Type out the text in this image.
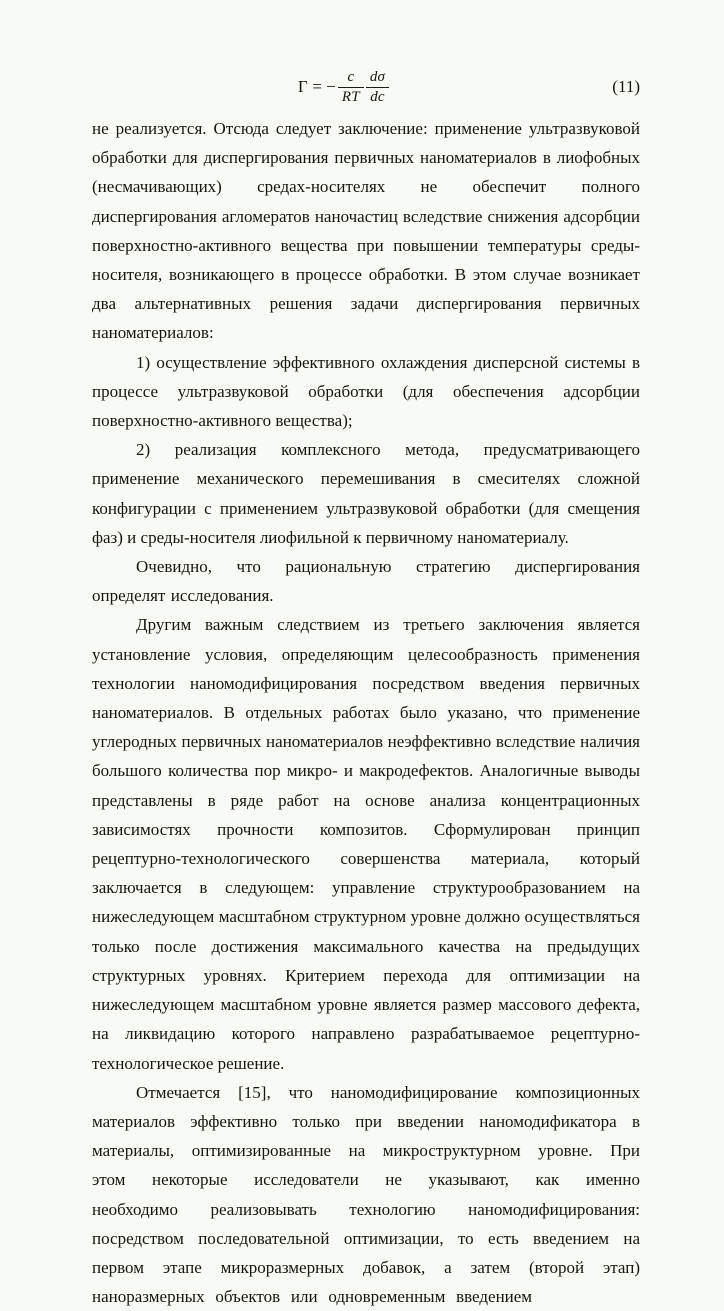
Γ = − $\frac{c}{RT} \frac{d\sigma}{dc}$	(11)

не реализуется. Отсюда следует заключение: применение ультразвуковой обработки для диспергирования первичных наноматериалов в лиофобных (несмачивающих) средах-носителях не обеспечит полного диспергирования агломератов наночастиц вследствие снижения адсорбции поверхностно-активного вещества при повышении температуры среды-носителя, возникающего в процессе обработки. В этом случае возникает два альтернативных решения задачи диспергирования первичных наноматериалов:

1) осуществление эффективного охлаждения дисперсной системы в процессе ультразвуковой обработки (для обеспечения адсорбции поверхностно-активного вещества);

2) реализация комплексного метода, предусматривающего применение механического перемешивания в смесителях сложной конфигурации с применением ультразвуковой обработки (для смещения фаз) и среды-носителя лиофильной к первичному наноматериалу.

Очевидно, что рациональную стратегию диспергирования определят исследования.

Другим важным следствием из третьего заключения является установление условия, определяющим целесообразность применения технологии наномодифицирования посредством введения первичных наноматериалов. В отдельных работах было указано, что применение углеродных первичных наноматериалов неэффективно вследствие наличия большого количества пор микро- и макродефектов. Аналогичные выводы представлены в ряде работ на основе анализа концентрационных зависимостях прочности композитов. Сформулирован принцип рецептурно-технологического совершенства материала, который заключается в следующем: управление структурообразованием на нижеследующем масштабном структурном уровне должно осуществляться только после достижения максимального качества на предыдущих структурных уровнях. Критерием перехода для оптимизации на нижеследующем масштабном уровне является размер массового дефекта, на ликвидацию которого направлено разрабатываемое рецептурно-технологическое решение.

Отмечается [15], что наномодифицирование композиционных материалов эффективно только при введении наномодификатора в материалы, оптимизированные на микроструктурном уровне. При этом некоторые исследователи не указывают, как именно необходимо реализовывать технологию наномодифицирования: посредством последовательной оптимизации, то есть введением на первом этапе микроразмерных добавок, а затем (второй этап) наноразмерных объектов или одновременным введением
